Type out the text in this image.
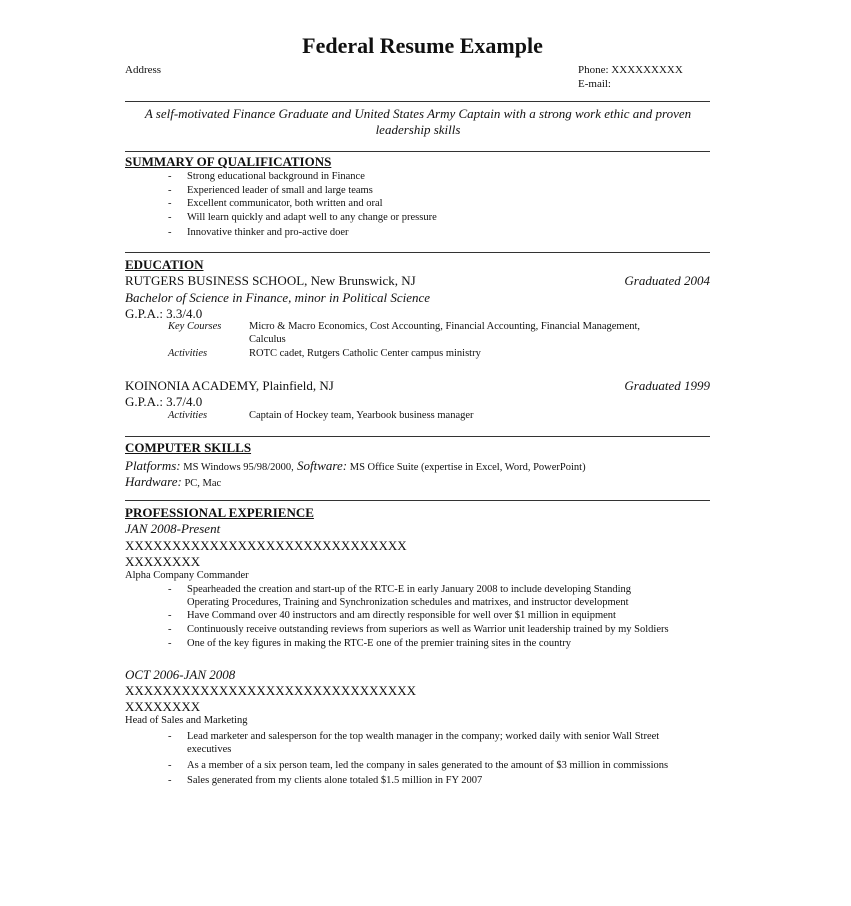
Federal Resume Example
Address	Phone: XXXXXXXXX
E-mail:
A self-motivated Finance Graduate and United States Army Captain with a strong work ethic and proven leadership skills
SUMMARY OF QUALIFICATIONS
- Strong educational background in Finance
- Experienced leader of small and large teams
- Excellent communicator, both written and oral
- Will learn quickly and adapt well to any change or pressure
- Innovative thinker and pro-active doer
EDUCATION
RUTGERS BUSINESS SCHOOL, New Brunswick, NJ	Graduated 2004
Bachelor of Science in Finance, minor in Political Science
G.P.A.: 3.3/4.0
Key Courses	Micro & Macro Economics, Cost Accounting, Financial Accounting, Financial Management,
Calculus
Activities	ROTC cadet, Rutgers Catholic Center campus ministry
KOINONIA ACADEMY, Plainfield, NJ	Graduated 1999
G.P.A.: 3.7/4.0
Activities	Captain of Hockey team, Yearbook business manager
COMPUTER SKILLS
Platforms: MS Windows 95/98/2000, Software: MS Office Suite (expertise in Excel, Word, PowerPoint)
Hardware: PC, Mac
PROFESSIONAL EXPERIENCE
JAN 2008-Present
XXXXXXXXXXXXXXXXXXXXXXXXXXXXXX
XXXXXXXX
Alpha Company Commander
- Spearheaded the creation and start-up of the RTC-E in early January 2008 to include developing Standing
Operating Procedures, Training and Synchronization schedules and matrixes, and instructor development
- Have Command over 40 instructors and am directly responsible for well over $1 million in equipment
- Continuously receive outstanding reviews from superiors as well as Warrior unit leadership trained by my Soldiers
- One of the key figures in making the RTC-E one of the premier training sites in the country
OCT 2006-JAN 2008
XXXXXXXXXXXXXXXXXXXXXXXXXXXXXXX
XXXXXXXX
Head of Sales and Marketing
- Lead marketer and salesperson for the top wealth manager in the company; worked daily with senior Wall Street
executives
- As a member of a six person team, led the company in sales generated to the amount of $3 million in commissions
- Sales generated from my clients alone totaled $1.5 million in FY 2007
